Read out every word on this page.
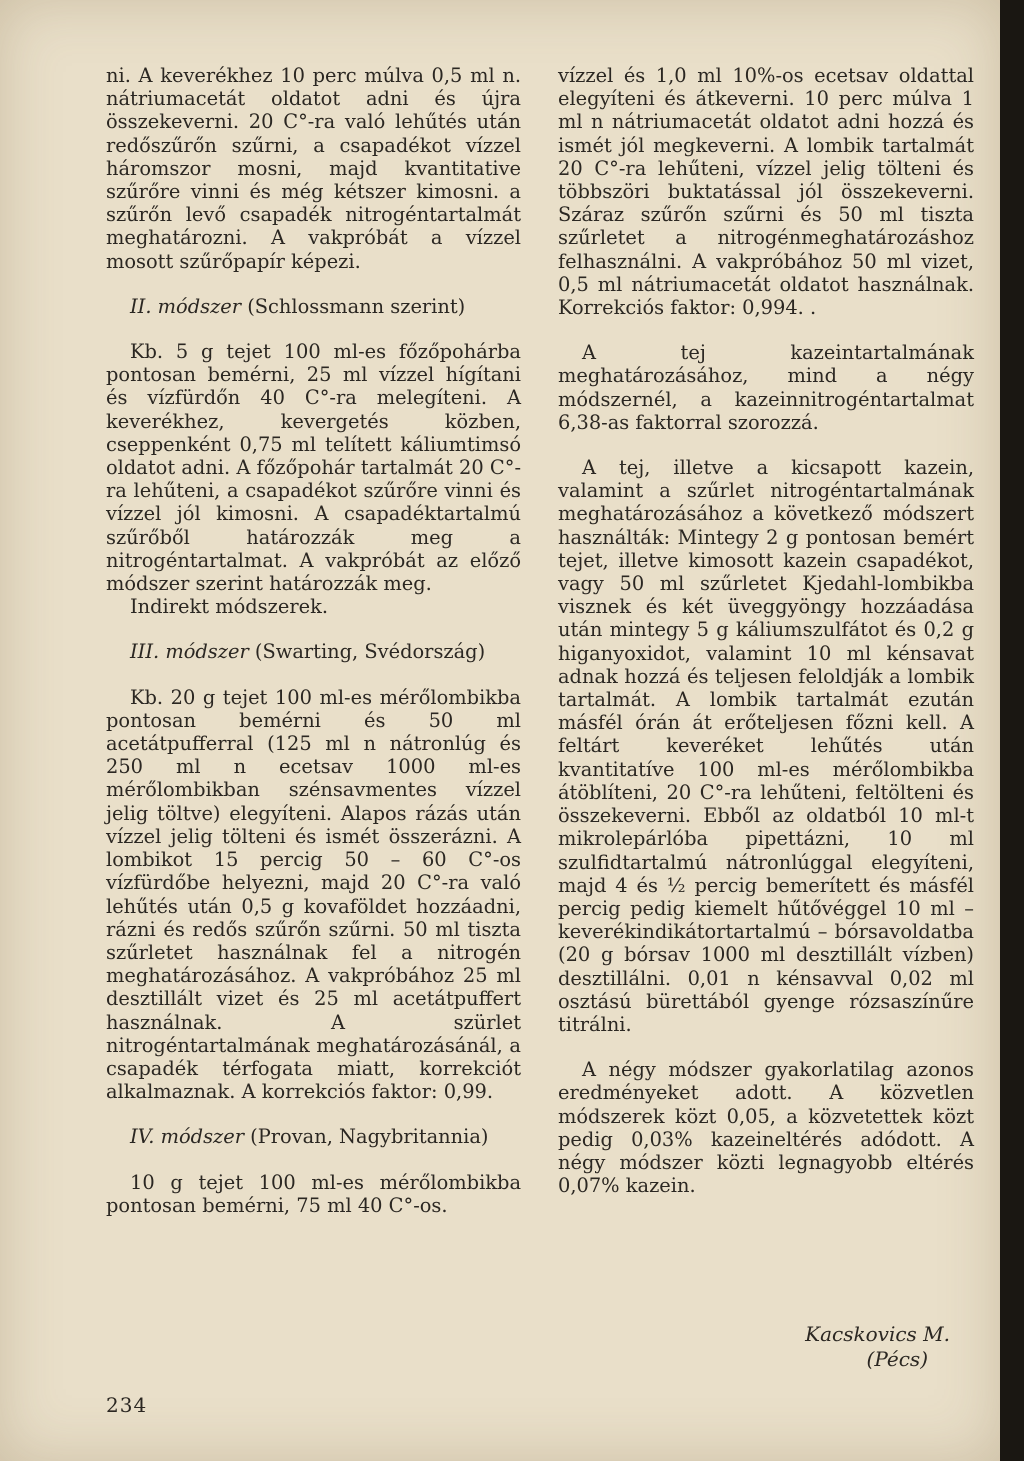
ni. A keverékhez 10 perc múlva 0,5 ml n. nátriumacetát oldatot adni és újra összekeverni. 20 C°-ra való lehűtés után redőszűrőn szűrni, a csapadékot vízzel háromszor mosni, majd kvantitative szűrőre vinni és még kétszer kimosni. a szűrőn levő csapadék nitrogéntartalmát meghatározni. A vakpróbát a vízzel mosott szűrőpapír képezi.

II. módszer (Schlossmann szerint)

Kb. 5 g tejet 100 ml-es főzőpohárba pontosan bemérni, 25 ml vízzel hígítani és vízfürdőn 40 C°-ra melegíteni. A keverékhez, kevergetés közben, cseppenként 0,75 ml telített káliumtimsó oldatot adni. A főzőpohár tartalmát 20 C°-ra lehűteni, a csapadékot szűrőre vinni és vízzel jól kimosni. A csapadéktartalmú szűrőből határozzák meg a nitrogéntartalmat. A vakpróbát az előző módszer szerint határozzák meg.

Indirekt módszerek.

III. módszer (Swarting, Svédország)

Kb. 20 g tejet 100 ml-es mérőlombikba pontosan bemérni és 50 ml acetátpufferral (125 ml n nátronlúg és 250 ml n ecetsav 1000 ml-es mérőlombikban szénsavmentes vízzel jelig töltve) elegyíteni. Alapos rázás után vízzel jelig tölteni és ismét összerázni. A lombikot 15 percig 50 – 60 C°-os vízfürdőbe helyezni, majd 20 C°-ra való lehűtés után 0,5 g kovaföldet hozzáadni, rázni és redős szűrőn szűrni. 50 ml tiszta szűrletet használnak fel a nitrogén meghatározásához. A vakpróbához 25 ml desztillált vizet és 25 ml acetátpuffert használnak. A szürlet nitrogéntartalmának meghatározásánál, a csapadék térfogata miatt, korrekciót alkalmaznak. A korrekciós faktor: 0,99.

IV. módszer (Provan, Nagybritannia)

10 g tejet 100 ml-es mérőlombikba pontosan bemérni, 75 ml 40 C°-os.

vízzel és 1,0 ml 10%-os ecetsav oldattal elegyíteni és átkeverni. 10 perc múlva 1 ml n nátriumacetát oldatot adni hozzá és ismét jól megkeverni. A lombik tartalmát 20 C°-ra lehűteni, vízzel jelig tölteni és többszöri buktatással jól összekeverni. Száraz szűrőn szűrni és 50 ml tiszta szűrletet a nitrogénmeghatározáshoz felhasználni. A vakpróbához 50 ml vizet, 0,5 ml nátriumacetát oldatot használnak. Korrekciós faktor: 0,994. .

A tej kazeintartalmának meghatározásához, mind a négy módszernél, a kazeinnitrogéntartalmat 6,38-as faktorral szorozzá.

A tej, illetve a kicsapott kazein, valamint a szűrlet nitrogéntartalmának meghatározásához a következő módszert használták: Mintegy 2 g pontosan bemért tejet, illetve kimosott kazein csapadékot, vagy 50 ml szűrletet Kjedahl-lombikba visznek és két üveggyöngy hozzáadása után mintegy 5 g káliumszulfátot és 0,2 g higanyoxidot, valamint 10 ml kénsavat adnak hozzá és teljesen feloldják a lombik tartalmát. A lombik tartalmát ezután másfél órán át erőteljesen főzni kell. A feltárt keveréket lehűtés után kvantitatíve 100 ml-es mérőlombikba átöblíteni, 20 C°-ra lehűteni, feltölteni és összekeverni. Ebből az oldatból 10 ml-t mikrolepárlóba pipettázni, 10 ml szulfidtartalmú nátronlúggal elegyíteni, majd 4 és ½ percig bemerített és másfél percig pedig kiemelt hűtővéggel 10 ml – keverékindikátortartalmú – bórsavoldatba (20 g bórsav 1000 ml desztillált vízben) desztillálni. 0,01 n kénsavval 0,02 ml osztású bürettából gyenge rózsaszínűre titrálni.

A négy módszer gyakorlatilag azonos eredményeket adott. A közvetlen módszerek közt 0,05, a közvetettek közt pedig 0,03% kazeineltérés adódott. A négy módszer közti legnagyobb eltérés 0,07% kazein.

Kacskovics M.
(Pécs)
234
